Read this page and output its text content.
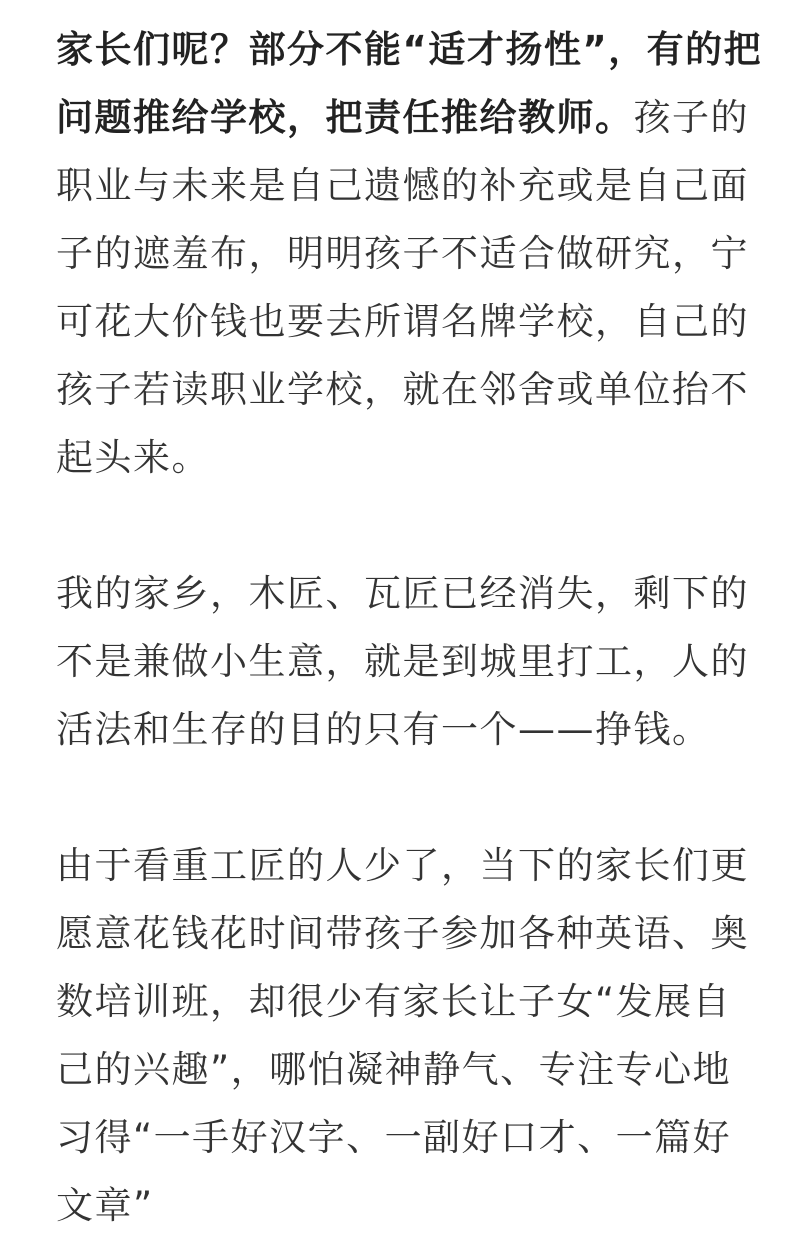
家长们呢？部分不能“适才扬性”，有的把
问题推给学校，把责任推给教师。孩子的
职业与未来是自己遗憾的补充或是自己面
子的遮羞布，明明孩子不适合做研究，宁
可花大价钱也要去所谓名牌学校，自己的
孩子若读职业学校，就在邻舍或单位抬不
起头来。

我的家乡，木匠、瓦匠已经消失，剩下的
不是兼做小生意，就是到城里打工，人的
活法和生存的目的只有一个——挣钱。

由于看重工匠的人少了，当下的家长们更
愿意花钱花时间带孩子参加各种英语、奥
数培训班，却很少有家长让子女“发展自
己的兴趣”，哪怕凝神静气、专注专心地
习得“一手好汉字、一副好口才、一篇好
文章”
